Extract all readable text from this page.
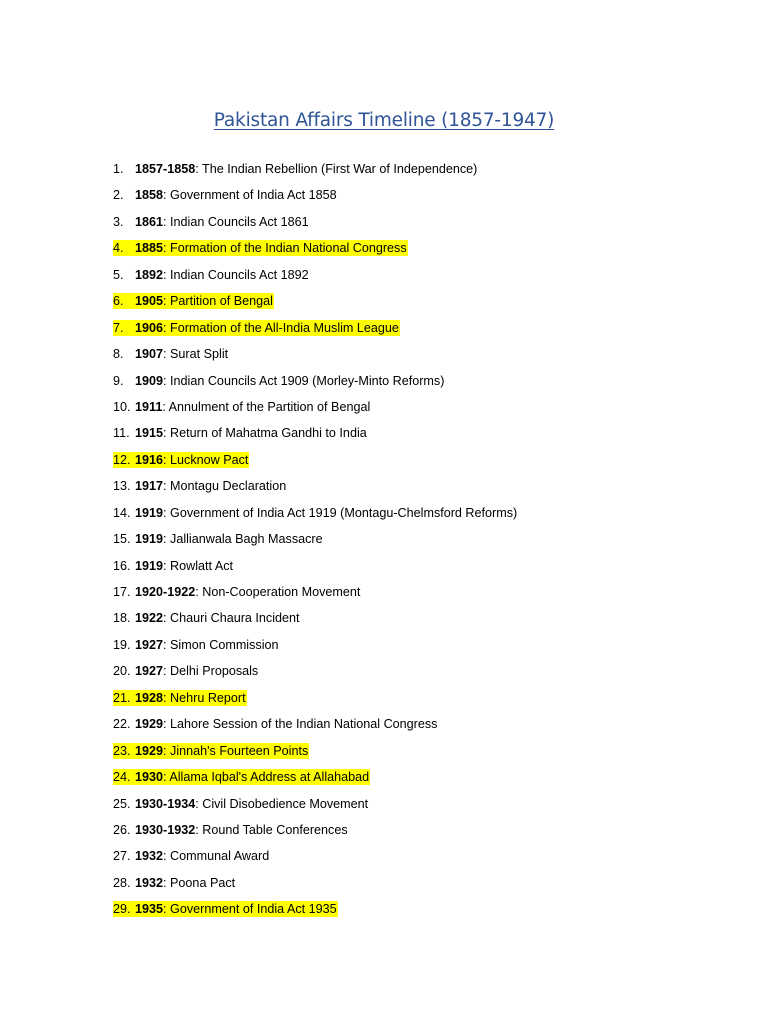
Pakistan Affairs Timeline (1857-1947)
1. 1857-1858: The Indian Rebellion (First War of Independence)
2. 1858: Government of India Act 1858
3. 1861: Indian Councils Act 1861
4. 1885: Formation of the Indian National Congress
5. 1892: Indian Councils Act 1892
6. 1905: Partition of Bengal
7. 1906: Formation of the All-India Muslim League
8. 1907: Surat Split
9. 1909: Indian Councils Act 1909 (Morley-Minto Reforms)
10. 1911: Annulment of the Partition of Bengal
11. 1915: Return of Mahatma Gandhi to India
12. 1916: Lucknow Pact
13. 1917: Montagu Declaration
14. 1919: Government of India Act 1919 (Montagu-Chelmsford Reforms)
15. 1919: Jallianwala Bagh Massacre
16. 1919: Rowlatt Act
17. 1920-1922: Non-Cooperation Movement
18. 1922: Chauri Chaura Incident
19. 1927: Simon Commission
20. 1927: Delhi Proposals
21. 1928: Nehru Report
22. 1929: Lahore Session of the Indian National Congress
23. 1929: Jinnah's Fourteen Points
24. 1930: Allama Iqbal's Address at Allahabad
25. 1930-1934: Civil Disobedience Movement
26. 1930-1932: Round Table Conferences
27. 1932: Communal Award
28. 1932: Poona Pact
29. 1935: Government of India Act 1935
